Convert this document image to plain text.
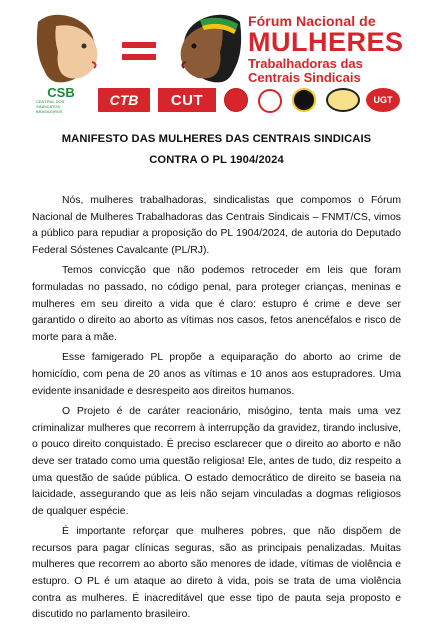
Fórum Nacional de
MULHERES
Trabalhadoras das
Centrais Sindicais
CSB
CENTRAL DOS SINDICATOS BRASILEIROS
CTB	CUT	UGT
MANIFESTO DAS MULHERES DAS CENTRAIS SINDICAIS
CONTRA O PL 1904/2024

Nós, mulheres trabalhadoras, sindicalistas que compomos o Fórum Nacional de Mulheres Trabalhadoras das Centrais Sindicais – FNMT/CS, vimos a público para repudiar a proposição do PL 1904/2024, de autoria do Deputado Federal Sóstenes Cavalcante (PL/RJ).

Temos convicção que não podemos retroceder em leis que foram formuladas no passado, no código penal, para proteger crianças, meninas e mulheres em seu direito a vida que é claro: estupro é crime e deve ser garantido o direito ao aborto as vítimas nos casos, fetos anencéfalos e risco de morte para a mãe.

Esse famigerado PL propõe a equiparação do aborto ao crime de homicídio, com pena de 20 anos as vítimas e 10 anos aos estupradores. Uma evidente insanidade e desrespeito aos direitos humanos.

O Projeto é de caráter reacionário, misógino, tenta mais uma vez criminalizar mulheres que recorrem à interrupção da gravidez, tirando inclusive, o pouco direito conquistado. É preciso esclarecer que o direito ao aborto e não deve ser tratado como uma questão religiosa! Ele, antes de tudo, diz respeito a uma questão de saúde pública. O estado democrático de direito se baseia na laicidade, assegurando que as leis não sejam vinculadas a dogmas religiosos de qualquer espécie.

É importante reforçar que mulheres pobres, que não dispõem de recursos para pagar clínicas seguras, são as principais penalizadas. Muitas mulheres que recorrem ao aborto são menores de idade, vítimas de violência e estupro. O PL é um ataque ao direto à vida, pois se trata de uma violência contra as mulheres. É inacreditável que esse tipo de pauta seja proposto e discutido no parlamento brasileiro.
